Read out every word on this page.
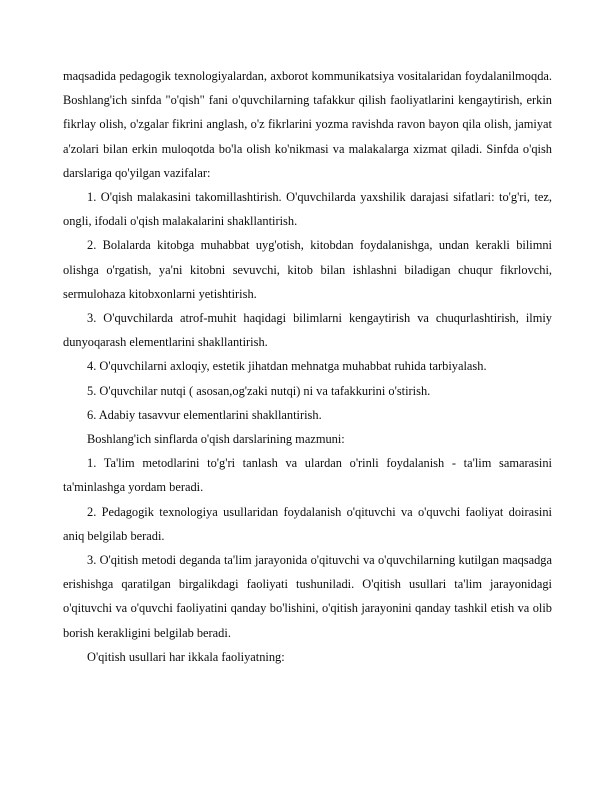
maqsadida pedagogik texnologiyalardan, axborot kommunikatsiya vositalaridan foydalanilmoqda. Boshlang'ich sinfda "o'qish" fani o'quvchilarning tafakkur qilish faoliyatlarini kengaytirish, erkin fikrlay olish, o'zgalar fikrini anglash, o'z fikrlarini yozma ravishda ravon bayon qila olish, jamiyat a'zolari bilan erkin muloqotda bo'la olish ko'nikmasi va malakalarga xizmat qiladi. Sinfda o'qish darslariga qo'yilgan vazifalar:

1. O'qish malakasini takomillashtirish. O'quvchilarda yaxshilik darajasi sifatlari: to'g'ri, tez, ongli, ifodali o'qish malakalarini shakllantirish.

2. Bolalarda kitobga muhabbat uyg'otish, kitobdan foydalanishga, undan kerakli bilimni olishga o'rgatish, ya'ni kitobni sevuvchi, kitob bilan ishlashni biladigan chuqur fikrlovchi, sermulohaza kitobxonlarni yetishtirish.

3. O'quvchilarda atrof-muhit haqidagi bilimlarni kengaytirish va chuqurlashtirish, ilmiy dunyoqarash elementlarini shakllantirish.

4. O'quvchilarni axloqiy, estetik jihatdan mehnatga muhabbat ruhida tarbiyalash.

5. O'quvchilar nutqi ( asosan,og'zaki nutqi) ni va tafakkurini o'stirish.

6. Adabiy tasavvur elementlarini shakllantirish.

Boshlang'ich sinflarda o'qish darslarining mazmuni:

1. Ta'lim metodlarini to'g'ri tanlash va ulardan o'rinli foydalanish - ta'lim samarasini ta'minlashga yordam beradi.

2. Pedagogik texnologiya usullaridan foydalanish o'qituvchi va o'quvchi faoliyat doirasini aniq belgilab beradi.

3. O'qitish metodi deganda ta'lim jarayonida o'qituvchi va o'quvchilarning kutilgan maqsadga erishishga qaratilgan birgalikdagi faoliyati tushuniladi. O'qitish usullari ta'lim jarayonidagi o'qituvchi va o'quvchi faoliyatini qanday bo'lishini, o'qitish jarayonini qanday tashkil etish va olib borish kerakligini belgilab beradi.

O'qitish usullari har ikkala faoliyatning:
